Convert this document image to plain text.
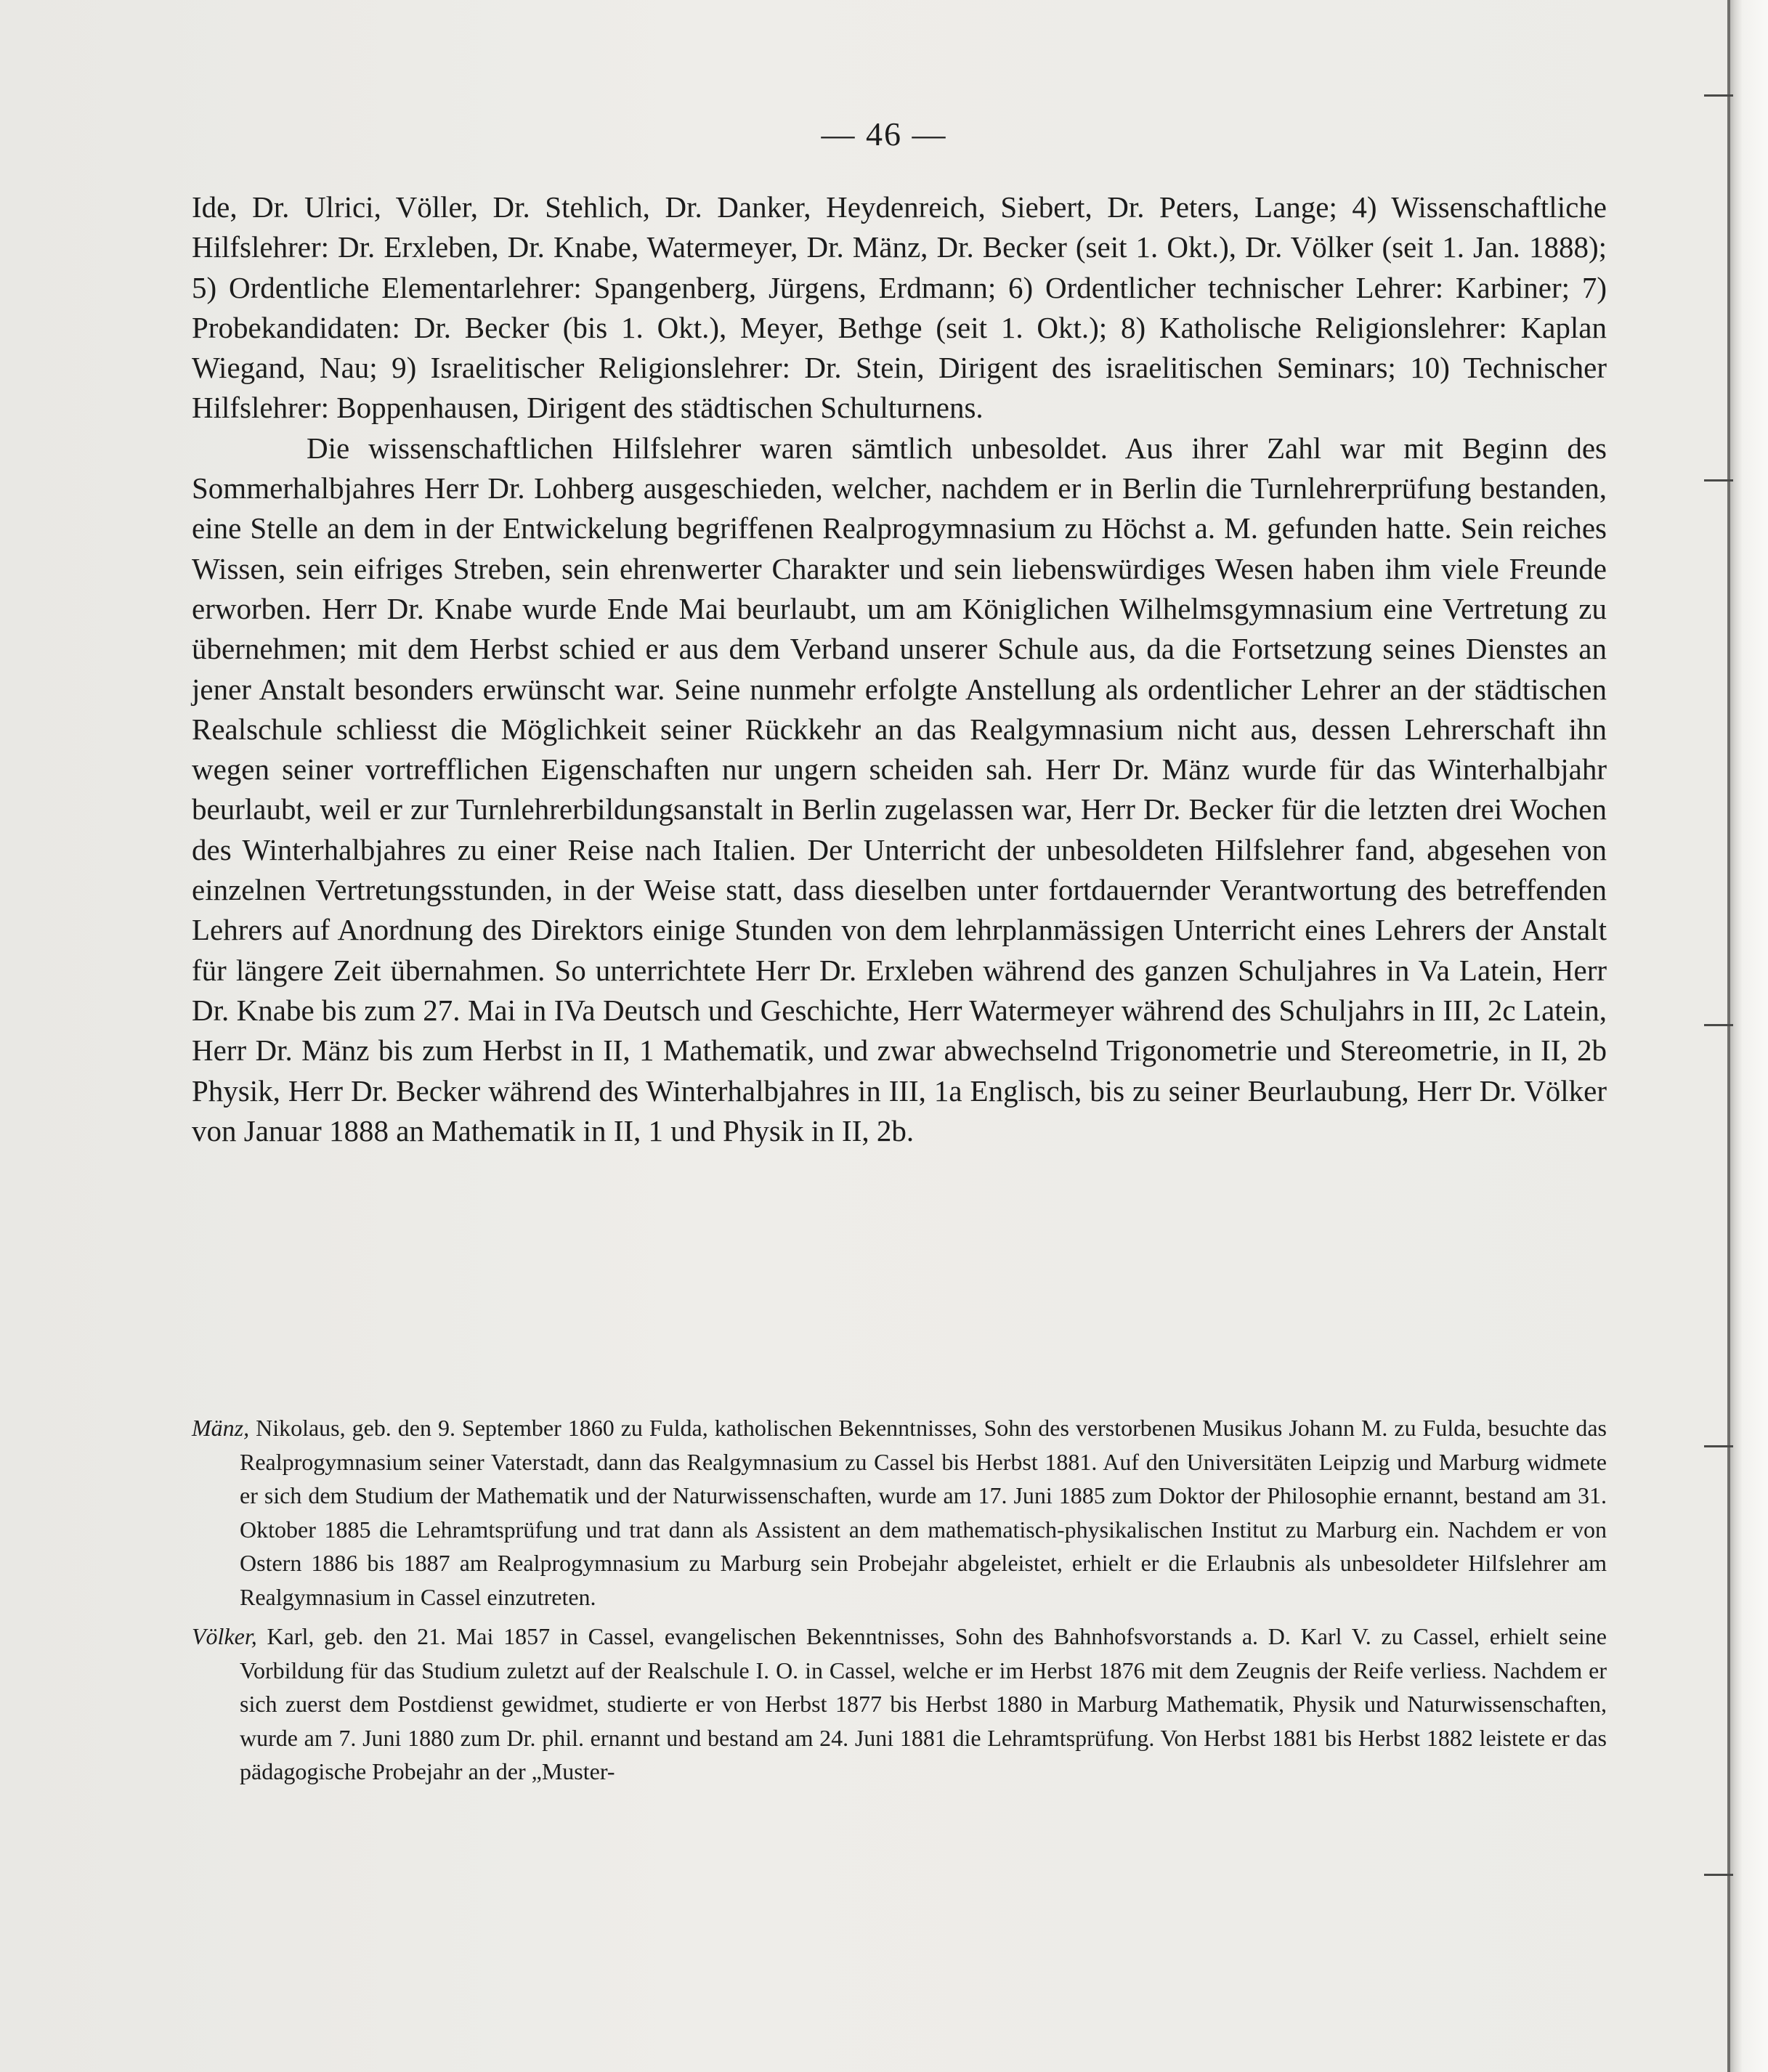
— 46 —

Ide, Dr. Ulrici, Völler, Dr. Stehlich, Dr. Danker, Heydenreich, Siebert, Dr. Peters, Lange; 4) Wissenschaftliche Hilfslehrer: Dr. Erxleben, Dr. Knabe, Watermeyer, Dr. Mänz, Dr. Becker (seit 1. Okt.), Dr. Völker (seit 1. Jan. 1888); 5) Ordentliche Elementarlehrer: Spangenberg, Jürgens, Erdmann; 6) Ordentlicher technischer Lehrer: Karbiner; 7) Probekandidaten: Dr. Becker (bis 1. Okt.), Meyer, Bethge (seit 1. Okt.); 8) Katholische Religionslehrer: Kaplan Wiegand, Nau; 9) Israelitischer Religionslehrer: Dr. Stein, Dirigent des israelitischen Seminars; 10) Technischer Hilfslehrer: Boppenhausen, Dirigent des städtischen Schulturnens.

Die wissenschaftlichen Hilfslehrer waren sämtlich unbesoldet. Aus ihrer Zahl war mit Beginn des Sommerhalbjahres Herr Dr. Lohberg ausgeschieden, welcher, nachdem er in Berlin die Turnlehrerprüfung bestanden, eine Stelle an dem in der Entwickelung begriffenen Realprogymnasium zu Höchst a. M. gefunden hatte. Sein reiches Wissen, sein eifriges Streben, sein ehrenwerter Charakter und sein liebenswürdiges Wesen haben ihm viele Freunde erworben. Herr Dr. Knabe wurde Ende Mai beurlaubt, um am Königlichen Wilhelmsgymnasium eine Vertretung zu übernehmen; mit dem Herbst schied er aus dem Verband unserer Schule aus, da die Fortsetzung seines Dienstes an jener Anstalt besonders erwünscht war. Seine nunmehr erfolgte Anstellung als ordentlicher Lehrer an der städtischen Realschule schliesst die Möglichkeit seiner Rückkehr an das Realgymnasium nicht aus, dessen Lehrerschaft ihn wegen seiner vortrefflichen Eigenschaften nur ungern scheiden sah. Herr Dr. Mänz wurde für das Winterhalbjahr beurlaubt, weil er zur Turnlehrerbildungsanstalt in Berlin zugelassen war, Herr Dr. Becker für die letzten drei Wochen des Winterhalbjahres zu einer Reise nach Italien. Der Unterricht der unbesoldeten Hilfslehrer fand, abgesehen von einzelnen Vertretungsstunden, in der Weise statt, dass dieselben unter fortdauernder Verantwortung des betreffenden Lehrers auf Anordnung des Direktors einige Stunden von dem lehrplanmässigen Unterricht eines Lehrers der Anstalt für längere Zeit übernahmen. So unterrichtete Herr Dr. Erxleben während des ganzen Schuljahres in Va Latein, Herr Dr. Knabe bis zum 27. Mai in IVa Deutsch und Geschichte, Herr Watermeyer während des Schuljahrs in III, 2c Latein, Herr Dr. Mänz bis zum Herbst in II, 1 Mathematik, und zwar abwechselnd Trigonometrie und Stereometrie, in II, 2b Physik, Herr Dr. Becker während des Winterhalbjahres in III, 1a Englisch, bis zu seiner Beurlaubung, Herr Dr. Völker von Januar 1888 an Mathematik in II, 1 und Physik in II, 2b.

Mänz, Nikolaus, geb. den 9. September 1860 zu Fulda, katholischen Bekenntnisses, Sohn des verstorbenen Musikus Johann M. zu Fulda, besuchte das Realprogymnasium seiner Vaterstadt, dann das Realgymnasium zu Cassel bis Herbst 1881. Auf den Universitäten Leipzig und Marburg widmete er sich dem Studium der Mathematik und der Naturwissenschaften, wurde am 17. Juni 1885 zum Doktor der Philosophie ernannt, bestand am 31. Oktober 1885 die Lehramtsprüfung und trat dann als Assistent an dem mathematisch-physikalischen Institut zu Marburg ein. Nachdem er von Ostern 1886 bis 1887 am Realprogymnasium zu Marburg sein Probejahr abgeleistet, erhielt er die Erlaubnis als unbesoldeter Hilfslehrer am Realgymnasium in Cassel einzutreten.

Völker, Karl, geb. den 21. Mai 1857 in Cassel, evangelischen Bekenntnisses, Sohn des Bahnhofsvorstands a. D. Karl V. zu Cassel, erhielt seine Vorbildung für das Studium zuletzt auf der Realschule I. O. in Cassel, welche er im Herbst 1876 mit dem Zeugnis der Reife verliess. Nachdem er sich zuerst dem Postdienst gewidmet, studierte er von Herbst 1877 bis Herbst 1880 in Marburg Mathematik, Physik und Naturwissenschaften, wurde am 7. Juni 1880 zum Dr. phil. ernannt und bestand am 24. Juni 1881 die Lehramtsprüfung. Von Herbst 1881 bis Herbst 1882 leistete er das pädagogische Probejahr an der „Muster-
